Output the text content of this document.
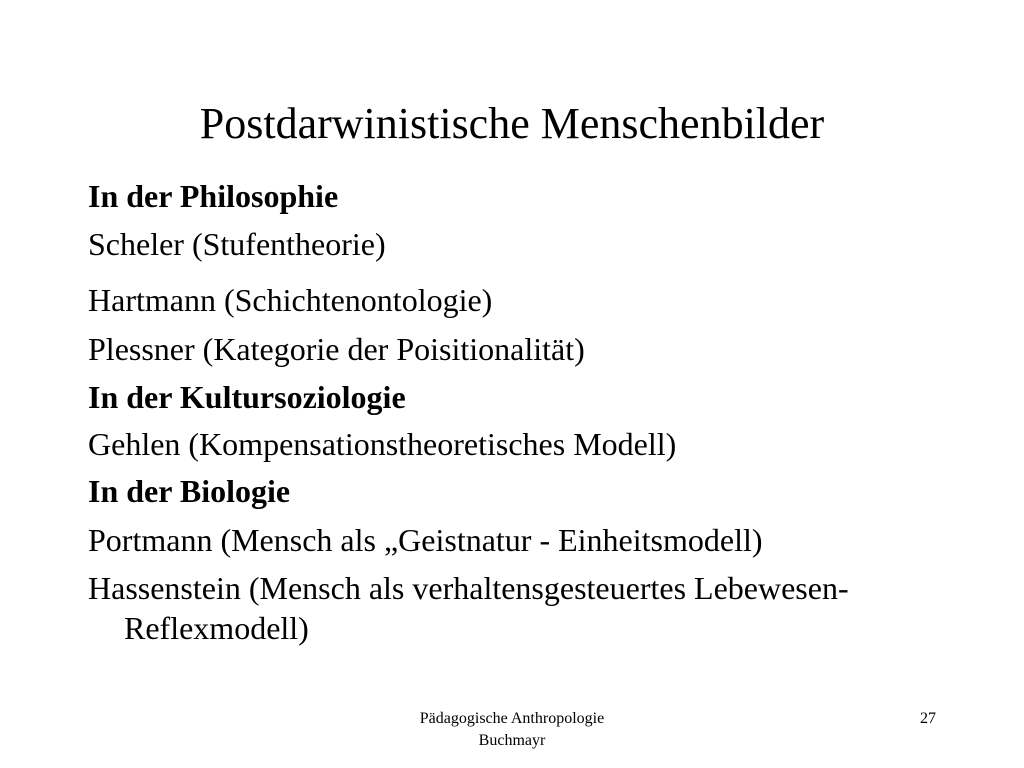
Postdarwinistische Menschenbilder
In der Philosophie
Scheler (Stufentheorie)
Hartmann (Schichtenontologie)
Plessner (Kategorie der Poisitionalität)
In der Kultursoziologie
Gehlen (Kompensationstheoretisches Modell)
In der Biologie
Portmann (Mensch als „Geistnatur - Einheitsmodell)
Hassenstein (Mensch als verhaltensgesteuertes Lebewesen- Reflexmodell)
Pädagogische Anthropologie
Buchmayr
27
